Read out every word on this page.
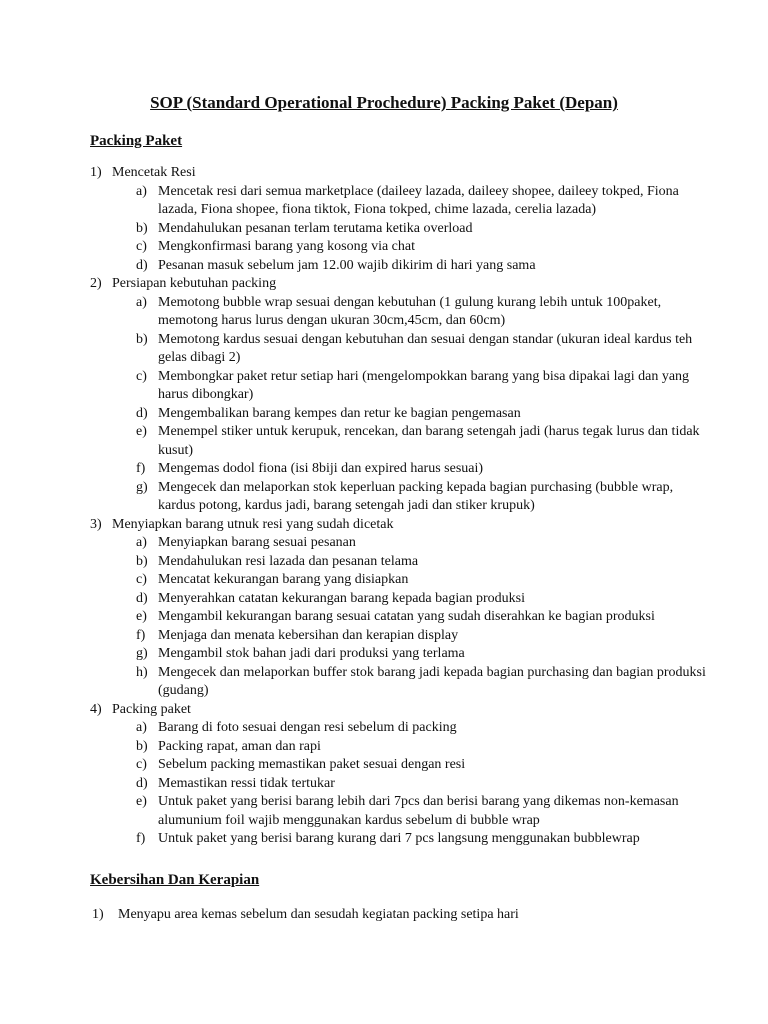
SOP (Standard Operational Prochedure) Packing Paket (Depan)
Packing Paket
1) Mencetak Resi
a) Mencetak resi dari semua marketplace (daileey lazada, daileey shopee, daileey tokped, Fiona lazada, Fiona shopee, fiona tiktok, Fiona tokped, chime lazada, cerelia lazada)
b) Mendahulukan pesanan terlam terutama ketika overload
c) Mengkonfirmasi barang yang kosong via chat
d) Pesanan masuk sebelum jam 12.00 wajib dikirim di hari yang sama
2) Persiapan kebutuhan packing
a) Memotong bubble wrap sesuai dengan kebutuhan (1 gulung kurang lebih untuk 100paket, memotong harus lurus dengan ukuran 30cm,45cm, dan 60cm)
b) Memotong kardus sesuai dengan kebutuhan dan sesuai dengan standar (ukuran ideal kardus teh gelas dibagi 2)
c) Membongkar paket retur setiap hari (mengelompokkan barang yang bisa dipakai lagi dan yang harus dibongkar)
d) Mengembalikan barang kempes dan retur ke bagian pengemasan
e) Menempel stiker untuk kerupuk, rencekan, dan barang setengah jadi (harus tegak lurus dan tidak kusut)
f) Mengemas dodol fiona (isi 8biji dan expired harus sesuai)
g) Mengecek dan melaporkan stok keperluan packing kepada bagian purchasing (bubble wrap, kardus potong, kardus jadi, barang setengah jadi dan stiker krupuk)
3) Menyiapkan barang utnuk resi yang sudah dicetak
a) Menyiapkan barang sesuai pesanan
b) Mendahulukan resi lazada dan pesanan telama
c) Mencatat kekurangan barang yang disiapkan
d) Menyerahkan catatan kekurangan barang kepada bagian produksi
e) Mengambil kekurangan barang sesuai catatan yang sudah diserahkan ke bagian produksi
f) Menjaga dan menata kebersihan dan kerapian display
g) Mengambil stok bahan jadi dari produksi yang terlama
h) Mengecek dan melaporkan buffer stok barang jadi kepada bagian purchasing dan bagian produksi (gudang)
4) Packing paket
a) Barang di foto sesuai dengan resi sebelum di packing
b) Packing rapat, aman dan rapi
c) Sebelum packing memastikan paket sesuai dengan resi
d) Memastikan ressi tidak tertukar
e) Untuk paket yang berisi barang lebih dari 7pcs dan berisi barang yang dikemas non-kemasan alumunium foil wajib menggunakan kardus sebelum di bubble wrap
f) Untuk paket yang berisi barang kurang dari 7 pcs langsung menggunakan bubblewrap
Kebersihan Dan Kerapian
1) Menyapu area kemas sebelum dan sesudah kegiatan packing setipa hari
